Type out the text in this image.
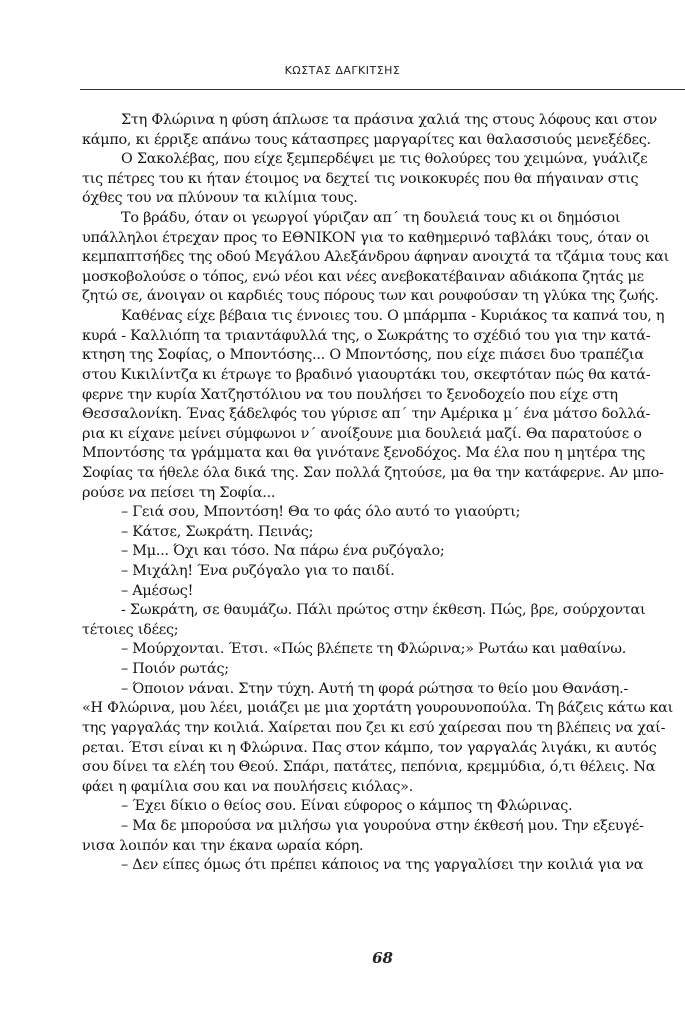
ΚΩΣΤΑΣ ΔΑΓΚΙΤΣΗΣ
Στη Φλώρινα η φύση άπλωσε τα πράσινα χαλιά της στους λόφους και στον
κάμπο, κι έρριξε απάνω τους κάτασπρες μαργαρίτες και θαλασσιούς μενεξέδες.
Ο Σακολέβας, που είχε ξεμπερδέψει με τις θολούρες του χειμώνα, γυάλιζε
τις πέτρες του κι ήταν έτοιμος να δεχτεί τις νοικοκυρές που θα πήγαιναν στις
όχθες του να πλύνουν τα κιλίμια τους.
Το βράδυ, όταν οι γεωργοί γύριζαν απ΄ τη δουλειά τους κι οι δημόσιοι
υπάλληλοι έτρεχαν προς το ΕΘΝΙΚΟΝ για το καθημερινό ταβλάκι τους, όταν οι
κεμπαπτσήδες της οδού Μεγάλου Αλεξάνδρου άφηναν ανοιχτά τα τζάμια τους και
μοσκοβολούσε ο τόπος, ενώ νέοι και νέες ανεβοκατέβαιναν αδιάκοπα ζητάς με
ζητώ σε, άνοιγαν οι καρδιές τους πόρους των και ρουφούσαν τη γλύκα της ζωής.
Καθένας είχε βέβαια τις έννοιες του. Ο μπάρμπα - Κυριάκος τα καπνά του, η
κυρά - Καλλιόπη τα τριαντάφυλλά της, ο Σωκράτης το σχέδιό του για την κατά-
κτηση της Σοφίας, ο Μποντόσης... Ο Μποντόσης, που είχε πιάσει δυο τραπέζια
στου Κικιλίντζα κι έτρωγε το βραδινό γιαουρτάκι του, σκεφτόταν πώς θα κατά-
φερνε την κυρία Χατζηστόλιου να του πουλήσει το ξενοδοχείο που είχε στη
Θεσσαλονίκη. Ένας ξάδελφός του γύρισε απ΄ την Αμέρικα μ΄ ένα μάτσο δολλά-
ρια κι είχανε μείνει σύμφωνοι ν΄ ανοίξουνε μια δουλειά μαζί. Θα παρατούσε ο
Μποντόσης τα γράμματα και θα γινότανε ξενοδόχος. Μα έλα που η μητέρα της
Σοφίας τα ήθελε όλα δικά της. Σαν πολλά ζητούσε, μα θα την κατάφερνε. Αν μπο-
ρούσε να πείσει τη Σοφία...
– Γειά σου, Μποντόση! Θα το φάς όλο αυτό το γιαούρτι;
– Κάτσε, Σωκράτη. Πεινάς;
– Μμ... Όχι και τόσο. Να πάρω ένα ρυζόγαλο;
– Μιχάλη! Ένα ρυζόγαλο για το παιδί.
– Αμέσως!
- Σωκράτη, σε θαυμάζω. Πάλι πρώτος στην έκθεση. Πώς, βρε, σούρχονται
τέτοιες ιδέες;
– Μούρχονται. Έτσι. «Πώς βλέπετε τη Φλώρινα;» Ρωτάω και μαθαίνω.
– Ποιόν ρωτάς;
– Όποιον νάναι. Στην τύχη. Αυτή τη φορά ρώτησα το θείο μου Θανάση.-
«Η Φλώρινα, μου λέει, μοιάζει με μια χορτάτη γουρουνοπούλα. Τη βάζεις κάτω και
της γαργαλάς την κοιλιά. Χαίρεται που ζει κι εσύ χαίρεσαι που τη βλέπεις να χαί-
ρεται. Έτσι είναι κι η Φλώρινα. Πας στον κάμπο, τον γαργαλάς λιγάκι, κι αυτός
σου δίνει τα ελέη του Θεού. Σπάρι, πατάτες, πεπόνια, κρεμμύδια, ό,τι θέλεις. Να
φάει η φαμίλια σου και να πουλήσεις κιόλας».
– Έχει δίκιο ο θείος σου. Είναι εύφορος ο κάμπος τη Φλώρινας.
– Μα δε μπορούσα να μιλήσω για γουρούνα στην έκθεσή μου. Την εξευγέ-
νισα λοιπόν και την έκανα ωραία κόρη.
– Δεν είπες όμως ότι πρέπει κάποιος να της γαργαλίσει την κοιλιά για να
68
